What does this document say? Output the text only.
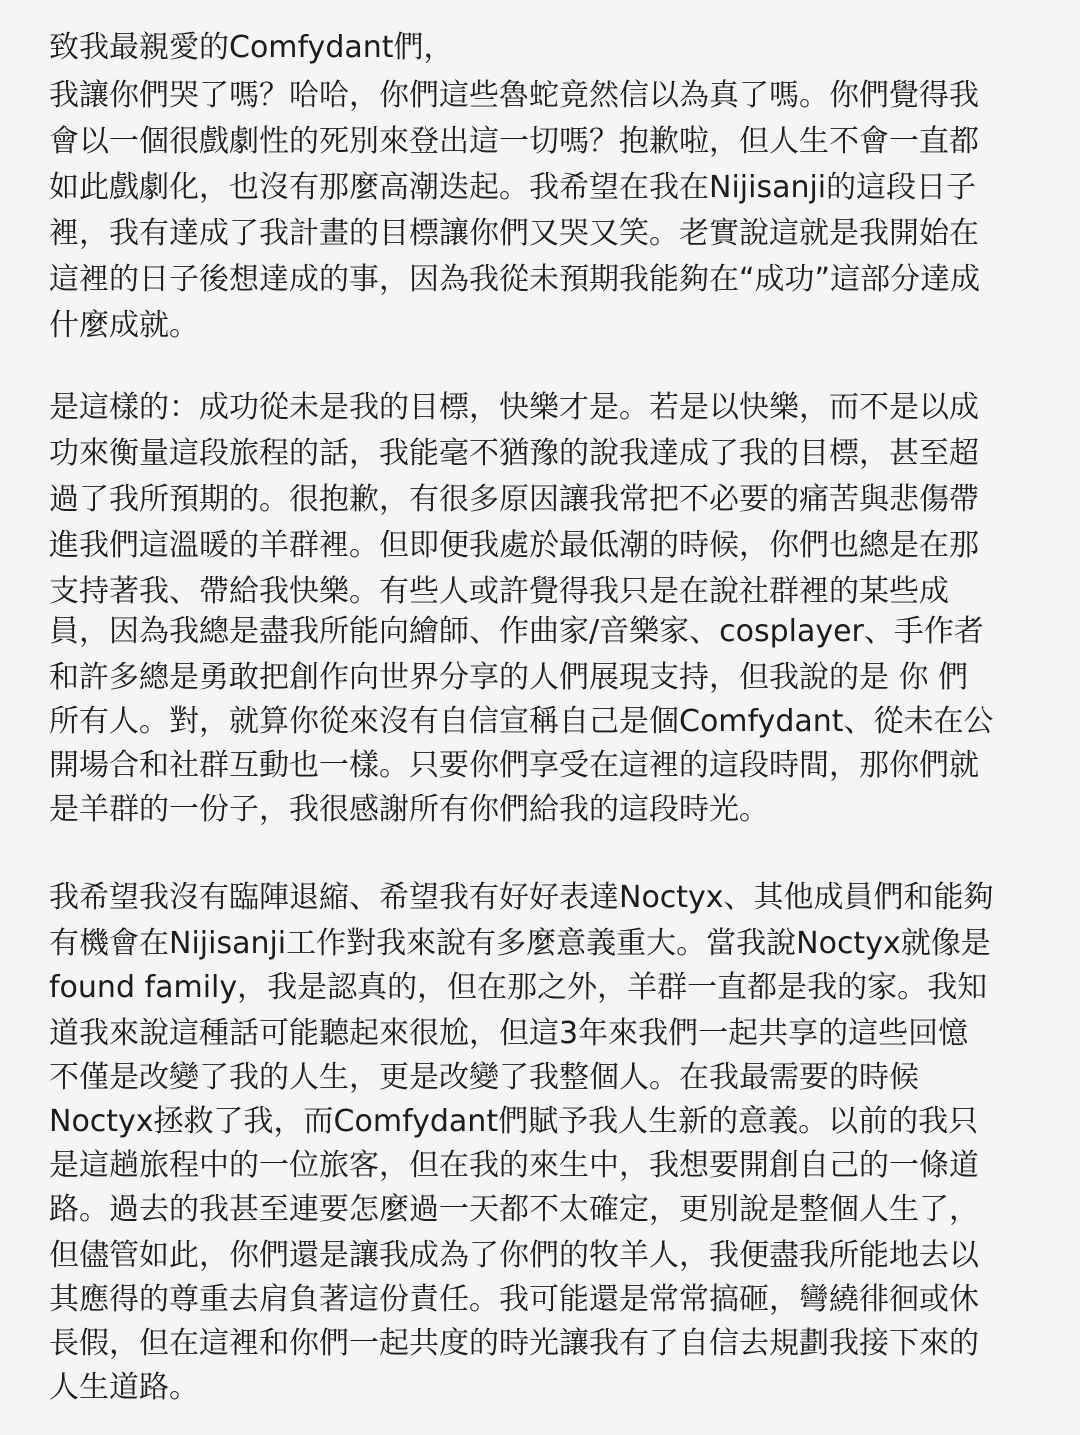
致我最親愛的Comfydant們，
我讓你們哭了嗎？哈哈，你們這些魯蛇竟然信以為真了嗎。你們覺得我
會以一個很戲劇性的死別來登出這一切嗎？抱歉啦，但人生不會一直都
如此戲劇化，也沒有那麼高潮迭起。我希望在我在Nijisanji的這段日子
裡，我有達成了我計畫的目標讓你們又哭又笑。老實說這就是我開始在
這裡的日子後想達成的事，因為我從未預期我能夠在“成功”這部分達成
什麼成就。
是這樣的：成功從未是我的目標，快樂才是。若是以快樂，而不是以成
功來衡量這段旅程的話，我能毫不猶豫的說我達成了我的目標，甚至超
過了我所預期的。很抱歉，有很多原因讓我常把不必要的痛苦與悲傷帶
進我們這溫暖的羊群裡。但即便我處於最低潮的時候，你們也總是在那
支持著我、帶給我快樂。有些人或許覺得我只是在說社群裡的某些成
員，因為我總是盡我所能向繪師、作曲家/音樂家、cosplayer、手作者
和許多總是勇敢把創作向世界分享的人們展現支持，但我說的是 你 們
所有人。對，就算你從來沒有自信宣稱自己是個Comfydant、從未在公
開場合和社群互動也一樣。只要你們享受在這裡的這段時間，那你們就
是羊群的一份子，我很感謝所有你們給我的這段時光。
我希望我沒有臨陣退縮、希望我有好好表達Noctyx、其他成員們和能夠
有機會在Nijisanji工作對我來說有多麼意義重大。當我說Noctyx就像是
found family，我是認真的，但在那之外，羊群一直都是我的家。我知
道我來說這種話可能聽起來很尬，但這3年來我們一起共享的這些回憶
不僅是改變了我的人生，更是改變了我整個人。在我最需要的時候
Noctyx拯救了我，而Comfydant們賦予我人生新的意義。以前的我只
是這趟旅程中的一位旅客，但在我的來生中，我想要開創自己的一條道
路。過去的我甚至連要怎麼過一天都不太確定，更別說是整個人生了，
但儘管如此，你們還是讓我成為了你們的牧羊人，我便盡我所能地去以
其應得的尊重去肩負著這份責任。我可能還是常常搞砸，彎繞徘徊或休
長假，但在這裡和你們一起共度的時光讓我有了自信去規劃我接下來的
人生道路。
